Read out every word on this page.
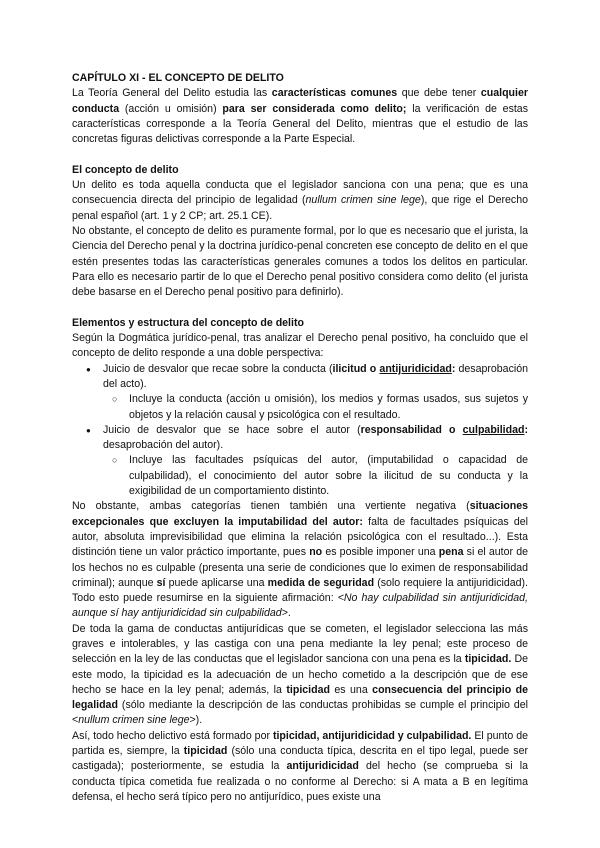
CAPÍTULO XI - EL CONCEPTO DE DELITO

La Teoría General del Delito estudia las características comunes que debe tener cualquier conducta (acción u omisión) para ser considerada como delito; la verificación de estas características corresponde a la Teoría General del Delito, mientras que el estudio de las concretas figuras delictivas corresponde a la Parte Especial.

El concepto de delito

Un delito es toda aquella conducta que el legislador sanciona con una pena; que es una consecuencia directa del principio de legalidad (nullum crimen sine lege), que rige el Derecho penal español (art. 1 y 2 CP; art. 25.1 CE).

No obstante, el concepto de delito es puramente formal, por lo que es necesario que el jurista, la Ciencia del Derecho penal y la doctrina jurídico-penal concreten ese concepto de delito en el que estén presentes todas las características generales comunes a todos los delitos en particular. Para ello es necesario partir de lo que el Derecho penal positivo considera como delito (el jurista debe basarse en el Derecho penal positivo para definirlo).

Elementos y estructura del concepto de delito

Según la Dogmática jurídico-penal, tras analizar el Derecho penal positivo, ha concluido que el concepto de delito responde a una doble perspectiva:

● Juicio de desvalor que recae sobre la conducta (ilicitud o antijuridicidad: desaprobación del acto).
○ Incluye la conducta (acción u omisión), los medios y formas usados, sus sujetos y objetos y la relación causal y psicológica con el resultado.
● Juicio de desvalor que se hace sobre el autor (responsabilidad o culpabilidad: desaprobación del autor).
○ Incluye las facultades psíquicas del autor, (imputabilidad o capacidad de culpabilidad), el conocimiento del autor sobre la ilicitud de su conducta y la exigibilidad de un comportamiento distinto.

No obstante, ambas categorías tienen también una vertiente negativa (situaciones excepcionales que excluyen la imputabilidad del autor: falta de facultades psíquicas del autor, absoluta imprevisibilidad que elimina la relación psicológica con el resultado...). Esta distinción tiene un valor práctico importante, pues no es posible imponer una pena si el autor de los hechos no es culpable (presenta una serie de condiciones que lo eximen de responsabilidad criminal); aunque sí puede aplicarse una medida de seguridad (solo requiere la antijuridicidad). Todo esto puede resumirse en la siguiente afirmación: <No hay culpabilidad sin antijuridicidad, aunque sí hay antijuridicidad sin culpabilidad>.

De toda la gama de conductas antijurídicas que se cometen, el legislador selecciona las más graves e intolerables, y las castiga con una pena mediante la ley penal; este proceso de selección en la ley de las conductas que el legislador sanciona con una pena es la tipicidad. De este modo, la tipicidad es la adecuación de un hecho cometido a la descripción que de ese hecho se hace en la ley penal; además, la tipicidad es una consecuencia del principio de legalidad (sólo mediante la descripción de las conductas prohibidas se cumple el principio del <nullum crimen sine lege>).

Así, todo hecho delictivo está formado por tipicidad, antijuridicidad y culpabilidad. El punto de partida es, siempre, la tipicidad (sólo una conducta típica, descrita en el tipo legal, puede ser castigada); posteriormente, se estudia la antijuridicidad del hecho (se comprueba si la conducta típica cometida fue realizada o no conforme al Derecho: si A mata a B en legítima defensa, el hecho será típico pero no antijurídico, pues existe una
